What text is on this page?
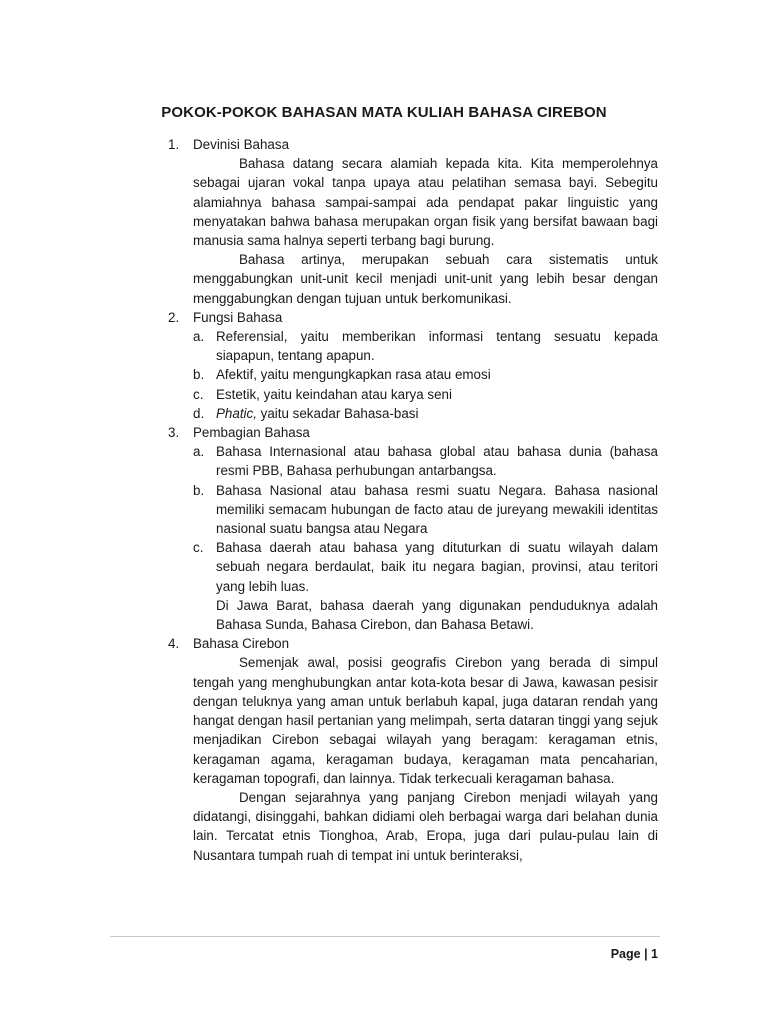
POKOK-POKOK BAHASAN MATA KULIAH BAHASA CIREBON
1. Devinisi Bahasa

Bahasa datang secara alamiah kepada kita. Kita memperolehnya sebagai ujaran vokal tanpa upaya atau pelatihan semasa bayi. Sebegitu alamiahnya bahasa sampai-sampai ada pendapat pakar linguistic yang menyatakan bahwa bahasa merupakan organ fisik yang bersifat bawaan bagi manusia sama halnya seperti terbang bagi burung.

Bahasa artinya, merupakan sebuah cara sistematis untuk menggabungkan unit-unit kecil menjadi unit-unit yang lebih besar dengan menggabungkan dengan tujuan untuk berkomunikasi.

2. Fungsi Bahasa

a. Referensial, yaitu memberikan informasi tentang sesuatu kepada siapapun, tentang apapun.

b. Afektif, yaitu mengungkapkan rasa atau emosi

c. Estetik, yaitu keindahan atau karya seni

d. Phatic, yaitu sekadar Bahasa-basi

3. Pembagian Bahasa

a. Bahasa Internasional atau bahasa global atau bahasa dunia (bahasa resmi PBB, Bahasa perhubungan antarbangsa.

b. Bahasa Nasional atau bahasa resmi suatu Negara. Bahasa nasional memiliki semacam hubungan de facto atau de jureyang mewakili identitas nasional suatu bangsa atau Negara

c. Bahasa daerah atau bahasa yang dituturkan di suatu wilayah dalam sebuah negara berdaulat, baik itu negara bagian, provinsi, atau teritori yang lebih luas.

Di Jawa Barat, bahasa daerah yang digunakan penduduknya adalah Bahasa Sunda, Bahasa Cirebon, dan Bahasa Betawi.

4. Bahasa Cirebon

Semenjak awal, posisi geografis Cirebon yang berada di simpul tengah yang menghubungkan antar kota-kota besar di Jawa, kawasan pesisir dengan teluknya yang aman untuk berlabuh kapal, juga dataran rendah yang hangat dengan hasil pertanian yang melimpah, serta dataran tinggi yang sejuk menjadikan Cirebon sebagai wilayah yang beragam: keragaman etnis, keragaman agama, keragaman budaya, keragaman mata pencaharian, keragaman topografi, dan lainnya. Tidak terkecuali keragaman bahasa.

Dengan sejarahnya yang panjang Cirebon menjadi wilayah yang didatangi, disinggahi, bahkan didiami oleh berbagai warga dari belahan dunia lain. Tercatat etnis Tionghoa, Arab, Eropa, juga dari pulau-pulau lain di Nusantara tumpah ruah di tempat ini untuk berinteraksi,

Page | 1
